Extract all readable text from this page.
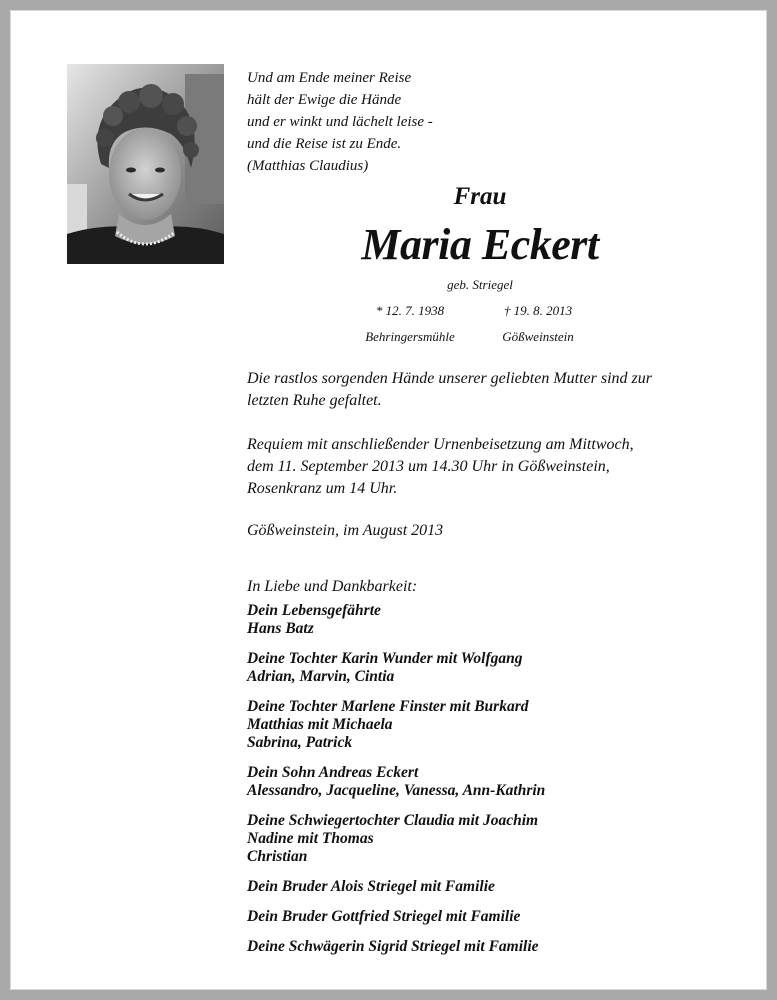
Und am Ende meiner Reise
hält der Ewige die Hände
und er winkt und lächelt leise -
und die Reise ist zu Ende.
(Matthias Claudius)
Frau
Maria Eckert
geb. Striegel
* 12. 7. 1938
Behringersmühle
† 19. 8. 2013
Gößweinstein

Die rastlos sorgenden Hände unserer geliebten Mutter sind zur letzten Ruhe gefaltet.

Requiem mit anschließender Urnenbeisetzung am Mittwoch,
dem 11. September 2013 um 14.30 Uhr in Gößweinstein,
Rosenkranz um 14 Uhr.

Gößweinstein, im August 2013

In Liebe und Dankbarkeit:

Dein Lebensgefährte
Hans Batz
Deine Tochter Karin Wunder mit Wolfgang
Adrian, Marvin, Cintia
Deine Tochter Marlene Finster mit Burkard
Matthias mit Michaela
Sabrina, Patrick
Dein Sohn Andreas Eckert
Alessandro, Jacqueline, Vanessa, Ann-Kathrin
Deine Schwiegertochter Claudia mit Joachim
Nadine mit Thomas
Christian
Dein Bruder Alois Striegel mit Familie
Dein Bruder Gottfried Striegel mit Familie
Deine Schwägerin Sigrid Striegel mit Familie
